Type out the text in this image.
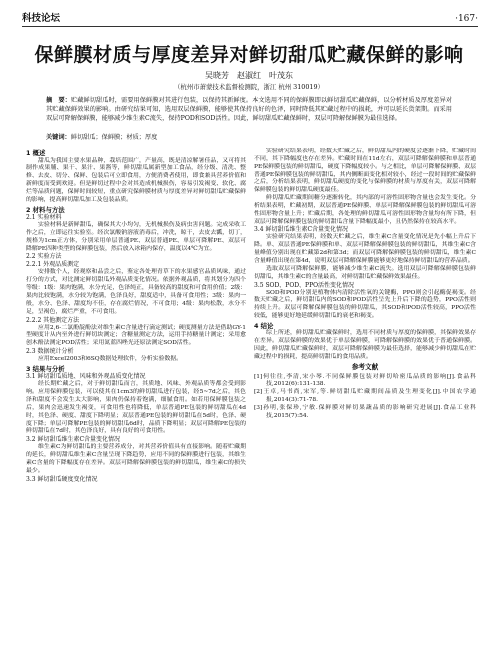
科技论坛	·167·
保鲜膜材质与厚度差异对鲜切甜瓜贮藏保鲜的影响
吴晓芳　赵淑红　叶茂东
（杭州市萧蒙技术监督检测院，浙江 杭州 310019）
摘　要：贮藏鲜切甜瓜时，需要用保鲜膜对其进行包装，以保持其新鲜度。本文选用不同的保鲜膜即以鲜切甜瓜贮藏保鲜，以分析材质及厚度差异对其贮藏保鲜效果的影响。由研究结果可知，选用双层保鲜膜，能够使其保持良好的色泽，同时降低其贮藏过程中的损耗，并可以延长货架期。而采用双层可降解保鲜膜，能够减少维生素C流失，保持POD和SOD活性。因此，鲜切甜瓜贮藏保鲜时，双层可降解保鲜膜为最佳选择。
关键词：鲜切甜瓜；保鲜膜；材质；厚度
1 概述

甜瓜为我国主要水果品种，栽培范围广，产量高，既是清凉解暑佳品，又可将其制作成果脯、果干、果汁、果酱等，鲜切甜瓜属新型加工食品，经分级、清洗、整修、去皮、切分、保鲜、包装后可立即食用，方便消费者使用，即食兼具营养价值和新鲜度而受到欢迎。但是鲜切过程中会对其造成机械损伤，容易引发褐变、软化、腐烂等品质问题，保鲜时间较短，重点研究保鲜膜材质与厚度差异对鲜切甜瓜贮藏保鲜的影响，提高鲜切甜瓜加工及包装品质。

2 材料与方法
2.1 实验材料

实验材料是新鲜甜瓜，确保其大小均匀，无机械损伤及病虫害问题。完成采收工作之后，立即运往实验室。经次氯酸钠溶液消毒后，冲洗，晾干，去皮去瓤，切丁，规格为1cm正方体，分别采用单层普通PE、双层普通PE、单层可降解PE、双层可降解PE四种类型的保鲜膜包装，然后放入冰箱内保存，温度以4℃为宜。

2.2 实验方法
2.2.1 外观品质测定

安排数个人，经观察和品尝之后，鉴定各处理青草下的水果感官品质风味，通过打分的方式，对比测定鲜切甜瓜外观品质变化情况。依据外观品质，将其划分为四个等级：1级：果肉饱满，水分充足，色泽纯正，具备较高的甜度和可食用价值；2级：果肉比较饱满，水分较为饱满，色泽良好，甜度适中，具备可食用性；3级：果肉一般，水分、色泽、甜度均不佳，存在腐烂情况，不可食用；4级：果肉松散，水分不足，呈褐色，腐烂严重，不可食用。

2.2.2 其他测定方法

应用2,6-二氯酚靛酚法对维生素C含量进行滴定测试；硬度测量方法是借助GY-1型硬度计从内至外进行鲜切块测定；含糖量测定方法，运用手持糖量计测定；采用愈创木酚法测定POD活性；采用氮蓝四唑光还原法测定SOD活性。

2.3 数据统计分析

应用Excel2003和6SQ数据处理软件，分析实验数据。

3 结果与分析
3.1 鲜切甜瓜质地、风味和外观品质变化情况

经长期贮藏之后，对于鲜切甜瓜而言，其质地、风味、外观品质等都会受到影响。应用保鲜膜包装，可以使其在1cm3的鲜切甜瓜进行包装，经5~7d之后，其色泽和甜度不会发生太大影响，果肉仍保持着饱满，细腻食用。如若用保鲜膜包装之后，果肉会迅速发生褐变，可食用性也将降低，单层普通PE包装的鲜切甜瓜在4d时，其色泽、硬度、甜度下降明显；双层普通PE包装的鲜切甜瓜在5d时，色泽、硬度下降；单层可降解PE包装的鲜切甜瓜6d时，品质下降明显；双层可降解PE包装的鲜切甜瓜在7d时，其色泽良好，具有良好的可食用性。

3.2 鲜切甜瓜维生素C含量变化情况

维生素C为鲜切甜瓜的主要营养成分，对其营养价值具有直接影响。随着贮藏期的延长，鲜切甜瓜维生素C含量呈现下降趋势，应用不同的保鲜膜进行包装，其维生素C含量的下降幅度存在差异。双层可降解保鲜膜包装的鲜切甜瓜，维生素C的损失最少。

3.3 鲜切甜瓜硬度变化情况

实验研究结果表明，经数天贮藏之后，鲜切甜瓜内的硬度会逐渐下降，贮藏时间不同，其下降幅度也存在差异。贮藏时间在11d左右，双层可降解保鲜膜和单层普通PE保鲜膜包装的鲜切甜瓜，硬度下降幅度较小。与之相比，单层可降解保鲜膜、双层普通PE保鲜膜包装的鲜切甜瓜，其内侧断面变化相对较小，经过一段时间的贮藏保鲜之后，分析结果表明，鲜切甜瓜硬度的变化与保鲜膜的材质与厚度有关，双层可降解保鲜膜包装的鲜切甜瓜硬度最佳。

鲜切甜瓜贮藏期间糖分逐渐转化，其内部的可溶性固形物含量也会发生变化。分析结果表明，贮藏初期，双层普通PE保鲜膜、单层可降解保鲜膜包装的鲜切甜瓜可溶性固形物含量上升；贮藏后期，各处理的鲜切甜瓜可溶性固形物含量均有所下降，但双层可降解保鲜膜包装的鲜切甜瓜含量下降幅度最小，且仍然保持在较高水平。

3.4 鲜切甜瓜维生素C含量变化情况

实验研究结果表明，经数天贮藏之后，维生素C含量变化情况是先小幅上升后下降。单、双层普通PE保鲜膜和单、双层可降解保鲜膜包装的鲜切甜瓜，其维生素C含量峰值分别出现在贮藏第2d和第3d；而双层可降解保鲜膜包装的鲜切甜瓜，维生素C含量峰值出现在第4d，说明双层可降解保鲜膜能够更好地保持鲜切甜瓜的营养品质。

选取双层可降解保鲜膜，能够减少维生素C流失。选用双层可降解保鲜膜包装鲜切甜瓜，其维生素C的含量最高，对鲜切甜瓜贮藏保鲜效果最佳。

3.5 SOD、POD、PPO活性变化情况

SOD和POD分别是植物体内清除活性氧的关键酶，PPO则会引起酶促褐变。经数天贮藏之后，鲜切甜瓜内的SOD和POD活性呈先上升后下降的趋势，PPO活性则持续上升。双层可降解保鲜膜包装的鲜切甜瓜，其SOD和POD活性较高，PPO活性较低，能够更好地延缓鲜切甜瓜的衰老和褐变。

4 结论

综上所述，鲜切甜瓜贮藏保鲜时，选用不同材质与厚度的保鲜膜，其保鲜效果存在差异。双层保鲜膜的效果优于单层保鲜膜，可降解保鲜膜的效果优于普通保鲜膜。因此，鲜切甜瓜贮藏保鲜时，双层可降解保鲜膜为最佳选择，能够减少鲜切甜瓜在贮藏过程中的损耗，提高鲜切甜瓜的食用品质。

参考文献

[1]何往往,李清,宋小琴.不同保鲜膜包装对鲜切哈密瓜品质的影响[J].食品科技,2012(6):131-138.

[2]王卓,马书尚,宋军,等.鲜切甜瓜贮藏期间品质及生理变化[J].中国农学通报,2014(3):71-78.

[3]孙明,张保珍,宁敏.保鲜膜对鲜切果蔬品质的影响研究进展[J].食品工业科技,2015(7):54.
